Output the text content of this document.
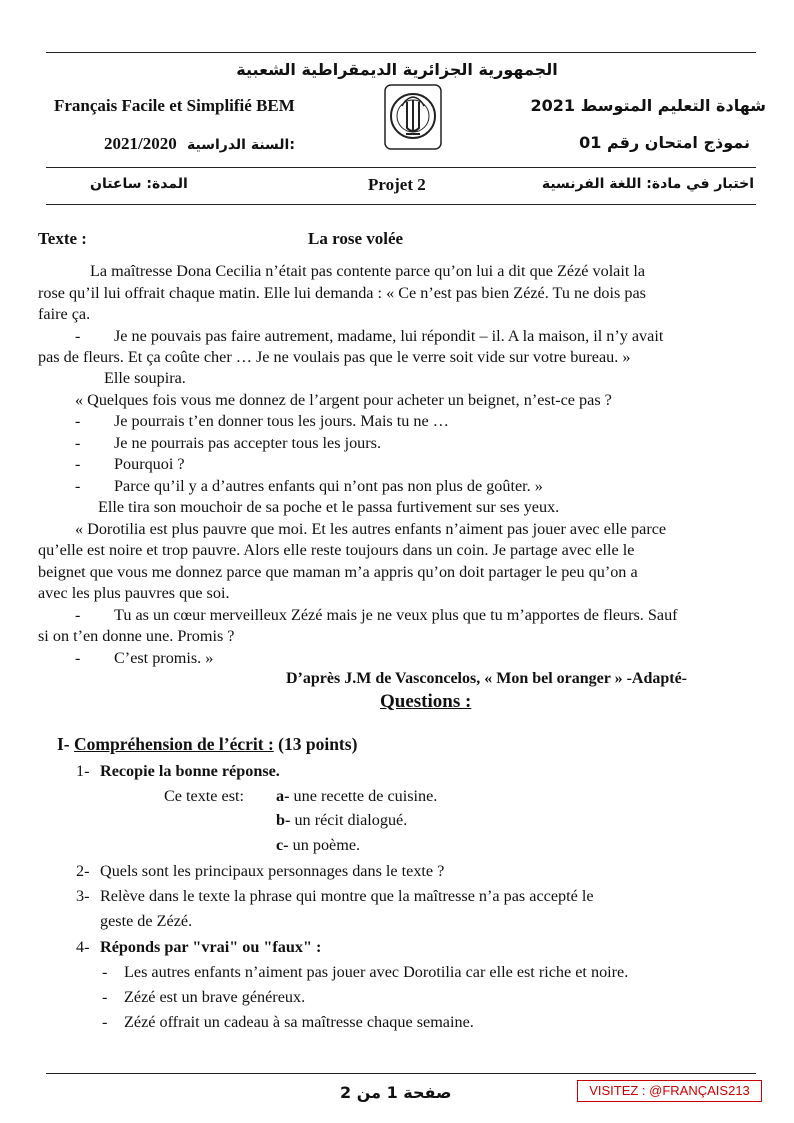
الجمهورية الجزائرية الديمقراطية الشعبية
Français Facile et Simplifié BEM
2021/2020 السنة الدراسية:
شهادة التعليم المتوسط 2021
نموذج امتحان رقم 01
المدة: ساعتان	Projet 2	اختبار في مادة: اللغة الفرنسية
Texte :	La rose volée
La maîtresse Dona Cecilia n’était pas contente parce qu’on lui a dit que Zézé volait la
rose qu’il lui offrait chaque matin. Elle lui demanda : « Ce n’est pas bien Zézé. Tu ne dois pas
faire ça.
- Je ne pouvais pas faire autrement, madame, lui répondit – il. A la maison, il n’y avait
pas de fleurs. Et ça coûte cher … Je ne voulais pas que le verre soit vide sur votre bureau. »
Elle soupira.
« Quelques fois vous me donnez de l’argent pour acheter un beignet, n’est-ce pas ?
- Je pourrais t’en donner tous les jours. Mais tu ne …
- Je ne pourrais pas accepter tous les jours.
- Pourquoi ?
- Parce qu’il y a d’autres enfants qui n’ont pas non plus de goûter. »
Elle tira son mouchoir de sa poche et le passa furtivement sur ses yeux.
« Dorotilia est plus pauvre que moi. Et les autres enfants n’aiment pas jouer avec elle parce
qu’elle est noire et trop pauvre. Alors elle reste toujours dans un coin. Je partage avec elle le
beignet que vous me donnez parce que maman m’a appris qu’on doit partager le peu qu’on a
avec les plus pauvres que soi.
- Tu as un cœur merveilleux Zézé mais je ne veux plus que tu m’apportes de fleurs. Sauf
si on t’en donne une. Promis ?
- C’est promis. »
D’après J.M de Vasconcelos, « Mon bel oranger » -Adapté-
Questions :
I- Compréhension de l’écrit : (13 points)
1- Recopie la bonne réponse.
Ce texte est: a- une recette de cuisine.
b- un récit dialogué.
c- un poème.
2- Quels sont les principaux personnages dans le texte ?
3- Relève dans le texte la phrase qui montre que la maîtresse n’a pas accepté le
geste de Zézé.
4- Réponds par "vrai" ou "faux" :
- Les autres enfants n’aiment pas jouer avec Dorotilia car elle est riche et noire.
- Zézé est un brave généreux.
- Zézé offrait un cadeau à sa maîtresse chaque semaine.
صفحة 1 من 2	VISITEZ : @FRANÇAIS213
